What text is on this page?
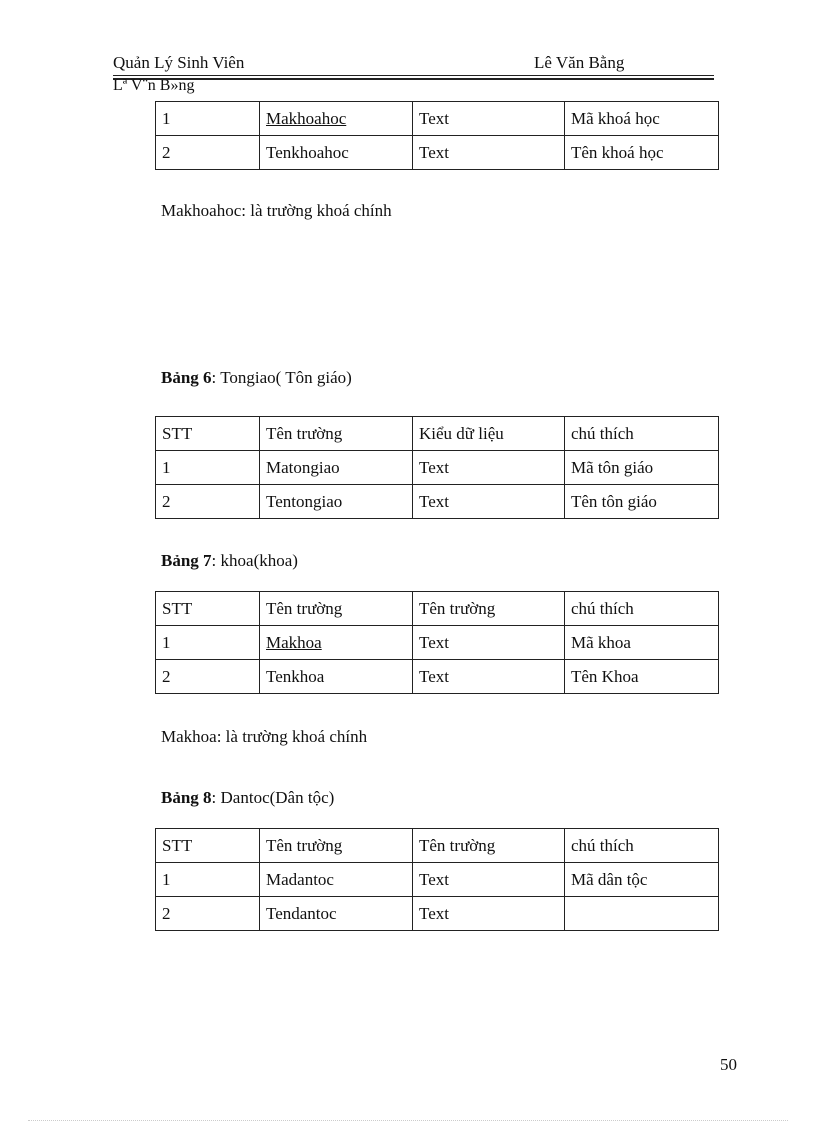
Quản Lý Sinh Viên	Lê Văn Bằng
Lª V¨n B»ng
1	Makhoahoc	Text	Mã khoá học
2	Tenkhoahoc	Text	Tên khoá học
Makhoahoc: là trường khoá chính
Bảng 6: Tongiao( Tôn giáo)
STT	Tên trường	Kiểu dữ liệu	chú thích
1	Matongiao	Text	Mã tôn giáo
2	Tentongiao	Text	Tên tôn giáo
Bảng 7: khoa(khoa)
STT	Tên trường	Tên trường	chú thích
1	Makhoa	Text	Mã khoa
2	Tenkhoa	Text	Tên Khoa
Makhoa: là trường khoá chính
Bảng 8: Dantoc(Dân tộc)
STT	Tên trường	Tên trường	chú thích
1	Madantoc	Text	Mã dân tộc
2	Tendantoc	Text	
50
